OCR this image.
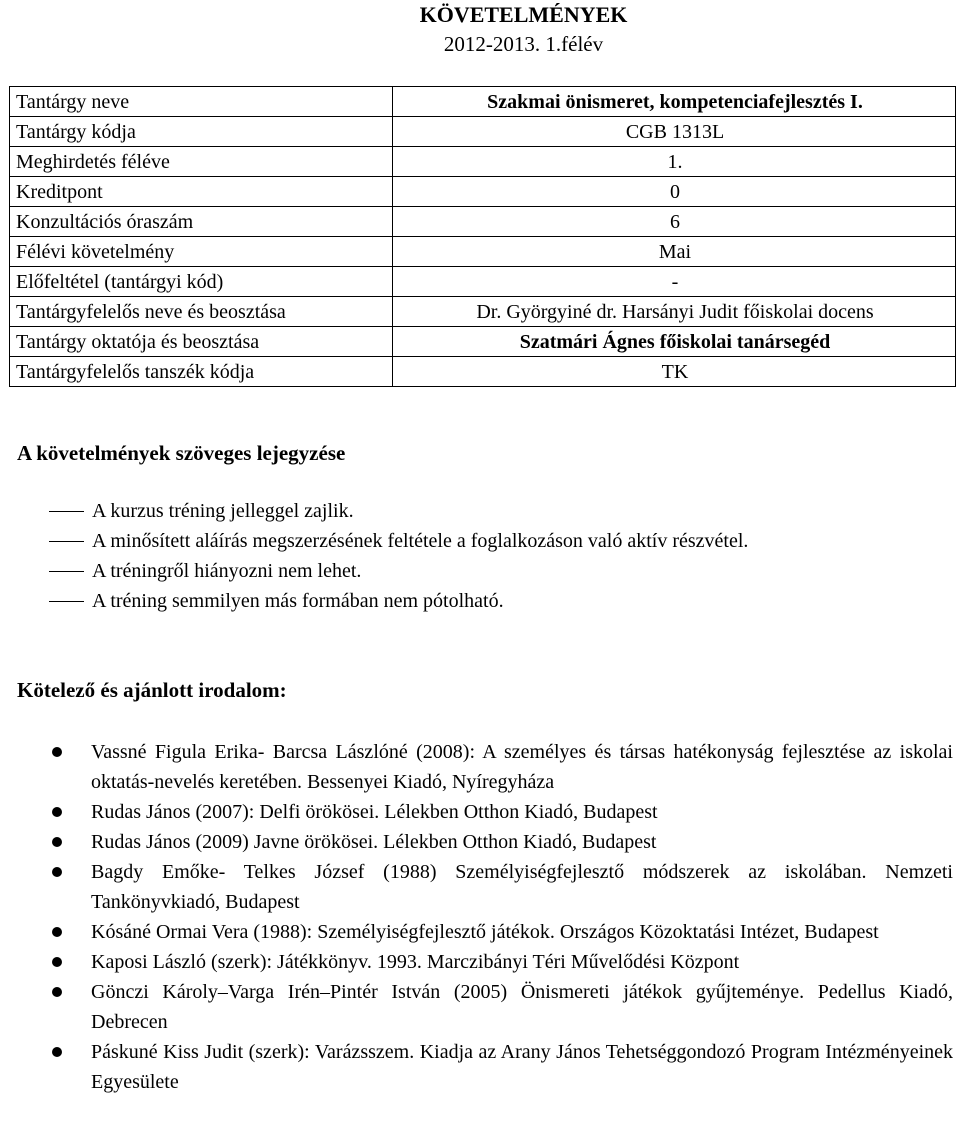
KÖVETELMÉNYEK
2012-2013. 1.félév
Tantárgy neve	Szakmai önismeret, kompetenciafejlesztés I.
Tantárgy kódja	CGB 1313L
Meghirdetés féléve	1.
Kreditpont	0
Konzultációs óraszám	6
Félévi követelmény	Mai
Előfeltétel (tantárgyi kód)	-
Tantárgyfelelős neve és beosztása	Dr. Györgyiné dr. Harsányi Judit főiskolai docens
Tantárgy oktatója és beosztása	Szatmári Ágnes főiskolai tanársegéd
Tantárgyfelelős tanszék kódja	TK
A követelmények szöveges lejegyzése
A kurzus tréning jelleggel zajlik.
A minősített aláírás megszerzésének feltétele a foglalkozáson való aktív részvétel.
A tréningről hiányozni nem lehet.
A tréning semmilyen más formában nem pótolható.
Kötelező és ajánlott irodalom:
Vassné Figula Erika- Barcsa Lászlóné (2008): A személyes és társas hatékonyság fejlesztése az iskolai oktatás-nevelés keretében. Bessenyei Kiadó, Nyíregyháza
Rudas János (2007): Delfi örökösei. Lélekben Otthon Kiadó, Budapest
Rudas János (2009) Javne örökösei. Lélekben Otthon Kiadó, Budapest
Bagdy Emőke- Telkes József (1988) Személyiségfejlesztő módszerek az iskolában. Nemzeti Tankönyvkiadó, Budapest
Kósáné Ormai Vera (1988): Személyiségfejlesztő játékok. Országos Közoktatási Intézet, Budapest
Kaposi László (szerk): Játékkönyv. 1993. Marczibányi Téri Művelődési Központ
Gönczi Károly–Varga Irén–Pintér István (2005) Önismereti játékok gyűjteménye. Pedellus Kiadó, Debrecen
Páskuné Kiss Judit (szerk): Varázsszem. Kiadja az Arany János Tehetséggondozó Program Intézményeinek Egyesülete
